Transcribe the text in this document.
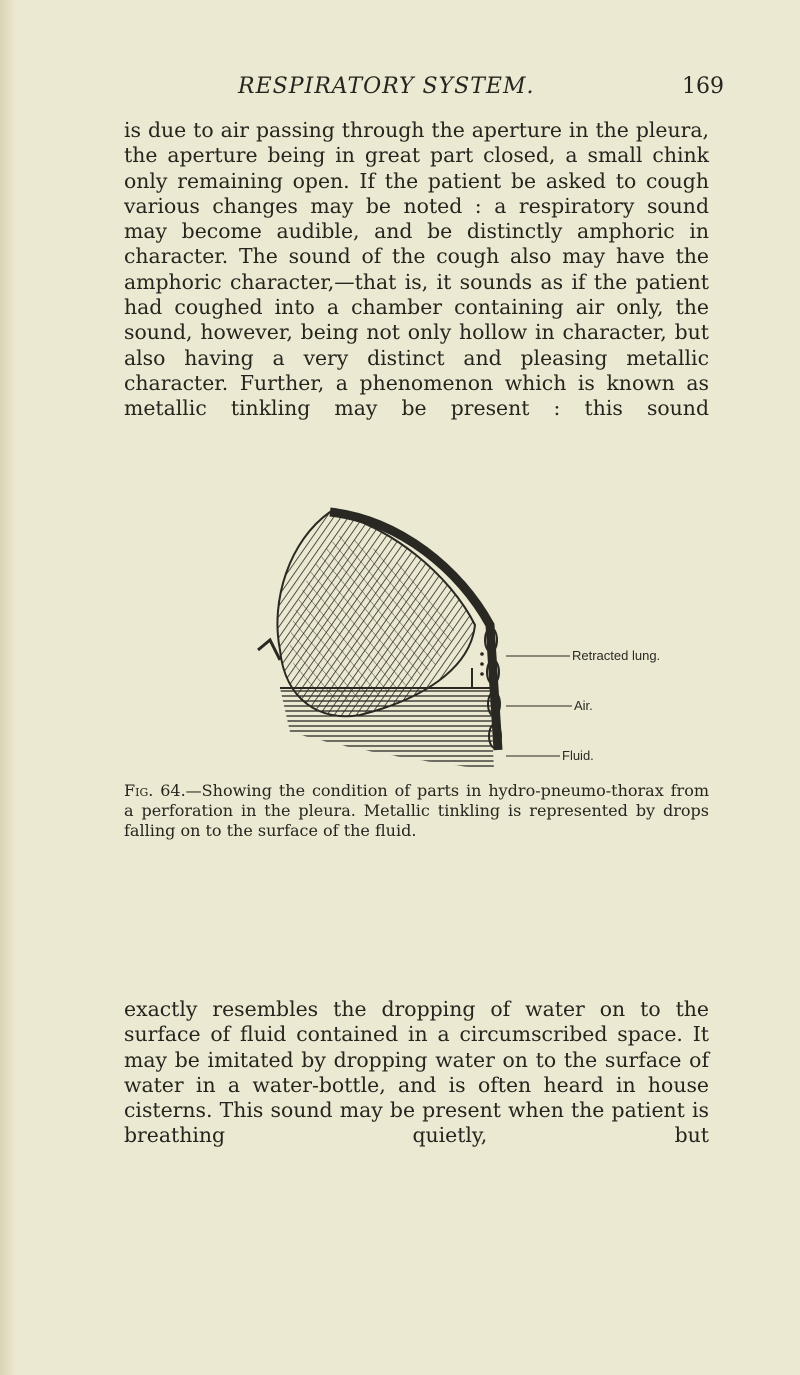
RESPIRATORY SYSTEM.	169

is due to air passing through the aperture in the pleura, the aperture being in great part closed, a small chink only remaining open. If the patient be asked to cough various changes may be noted : a respiratory sound may become audible, and be distinctly amphoric in character. The sound of the cough also may have the amphoric character,—that is, it sounds as if the patient had coughed into a chamber containing air only, the sound, however, being not only hollow in character, but also having a very distinct and pleasing metallic character. Further, a phenomenon which is known as metallic tinkling may be present : this sound

Retracted lung.
Air.
Fluid.
Fig. 64.—Showing the condition of parts in hydro-pneumo-thorax from a perforation in the pleura. Metallic tinkling is represented by drops falling on to the surface of the fluid.

exactly resembles the dropping of water on to the surface of fluid contained in a circumscribed space. It may be imitated by dropping water on to the surface of water in a water-bottle, and is often heard in house cisterns. This sound may be present when the patient is breathing quietly, but
